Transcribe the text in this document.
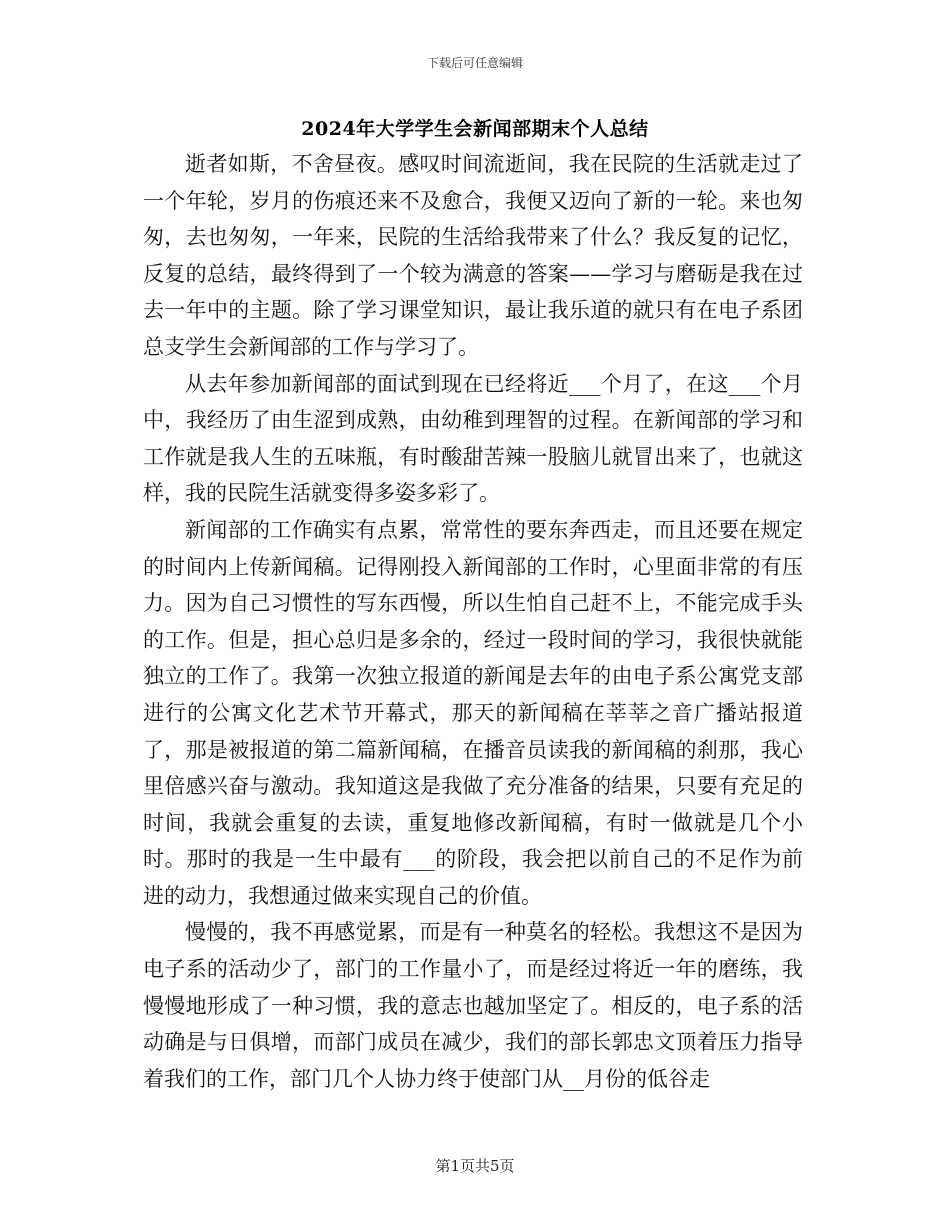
下载后可任意编辑
2024年大学学生会新闻部期末个人总结

逝者如斯，不舍昼夜。感叹时间流逝间，我在民院的生活就走过了一个年轮，岁月的伤痕还来不及愈合，我便又迈向了新的一轮。来也匆匆，去也匆匆，一年来，民院的生活给我带来了什么？我反复的记忆，反复的总结，最终得到了一个较为满意的答案——学习与磨砺是我在过去一年中的主题。除了学习课堂知识，最让我乐道的就只有在电子系团总支学生会新闻部的工作与学习了。

从去年参加新闻部的面试到现在已经将近___个月了，在这___个月中，我经历了由生涩到成熟，由幼稚到理智的过程。在新闻部的学习和工作就是我人生的五味瓶，有时酸甜苦辣一股脑儿就冒出来了，也就这样，我的民院生活就变得多姿多彩了。

新闻部的工作确实有点累，常常性的要东奔西走，而且还要在规定的时间内上传新闻稿。记得刚投入新闻部的工作时，心里面非常的有压力。因为自己习惯性的写东西慢，所以生怕自己赶不上，不能完成手头的工作。但是，担心总归是多余的，经过一段时间的学习，我很快就能独立的工作了。我第一次独立报道的新闻是去年的由电子系公寓党支部进行的公寓文化艺术节开幕式，那天的新闻稿在莘莘之音广播站报道了，那是被报道的第二篇新闻稿，在播音员读我的新闻稿的刹那，我心里倍感兴奋与激动。我知道这是我做了充分准备的结果，只要有充足的时间，我就会重复的去读，重复地修改新闻稿，有时一做就是几个小时。那时的我是一生中最有___的阶段，我会把以前自己的不足作为前进的动力，我想通过做来实现自己的价值。

慢慢的，我不再感觉累，而是有一种莫名的轻松。我想这不是因为电子系的活动少了，部门的工作量小了，而是经过将近一年的磨练，我慢慢地形成了一种习惯，我的意志也越加坚定了。相反的，电子系的活动确是与日俱增，而部门成员在减少，我们的部长郭忠文顶着压力指导着我们的工作，部门几个人协力终于使部门从__月份的低谷走

第1页共5页
